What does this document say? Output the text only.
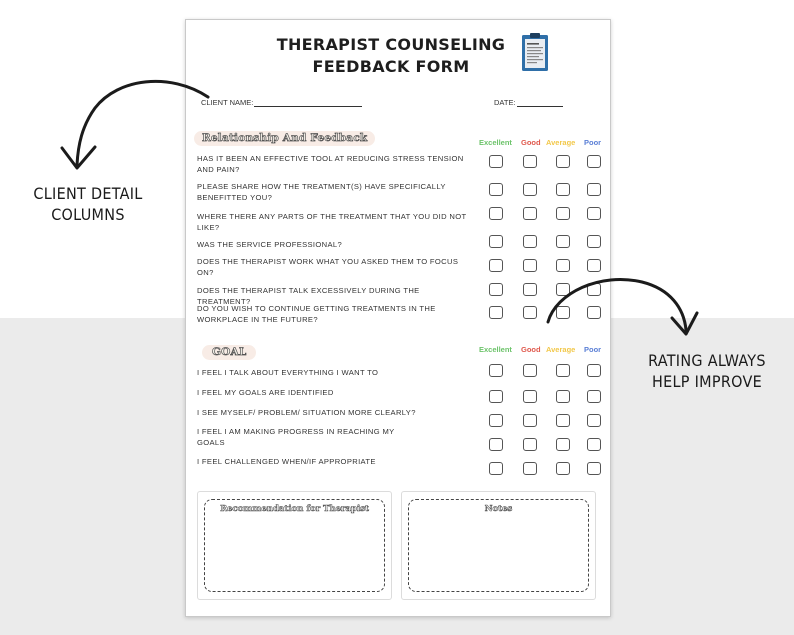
THERAPIST COUNSELING
FEEDBACK FORM
CLIENT NAME:	DATE:
Relationship And Feedback	Excellent Good Average Poor
HAS IT BEEN AN EFFECTIVE TOOL AT REDUCING STRESS TENSION AND PAIN?
PLEASE SHARE HOW THE TREATMENT(S) HAVE SPECIFICALLY BENEFITTED YOU?
WHERE THERE ANY PARTS OF THE TREATMENT THAT YOU DID NOT LIKE?
WAS THE SERVICE PROFESSIONAL?
DOES THE THERAPIST WORK WHAT YOU ASKED THEM TO FOCUS ON?
DOES THE THERAPIST TALK EXCESSIVELY DURING THE TREATMENT?
DO YOU WISH TO CONTINUE GETTING TREATMENTS IN THE WORKPLACE IN THE FUTURE?
GOAL	Excellent Good Average Poor
I FEEL I TALK ABOUT EVERYTHING I WANT TO
I FEEL MY GOALS ARE IDENTIFIED
I SEE MYSELF/ PROBLEM/ SITUATION MORE CLEARLY?
I FEEL I AM MAKING PROGRESS IN REACHING MY GOALS
I FEEL CHALLENGED WHEN/IF APPROPRIATE
Recommendation for Therapist	Notes
CLIENT DETAIL
COLUMNS
RATING ALWAYS
HELP IMPROVE
